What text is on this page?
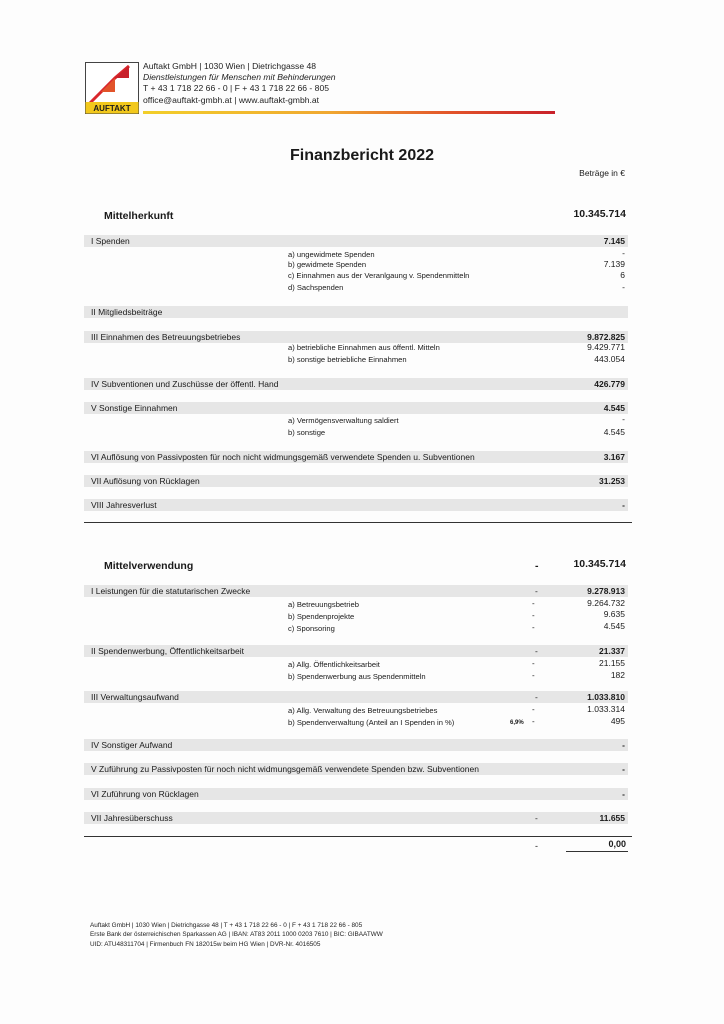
AUFTAKT
Auftakt GmbH | 1030 Wien | Dietrichgasse 48
Dienstleistungen für Menschen mit Behinderungen
T + 43 1 718 22 66 - 0 | F + 43 1 718 22 66 - 805
office@auftakt-gmbh.at | www.auftakt-gmbh.at
Finanzbericht 2022
Beträge in €
Mittelherkunft	10.345.714
I Spenden	7.145
a) ungewidmete Spenden	-
b) gewidmete Spenden	7.139
c) Einnahmen aus der Veranlgaung v. Spendenmitteln	6
d) Sachspenden	-
II Mitgliedsbeiträge
III Einnahmen des Betreuungsbetriebes	9.872.825
a) betriebliche Einnahmen aus öffentl. Mitteln	9.429.771
b) sonstige betriebliche Einnahmen	443.054
IV Subventionen und Zuschüsse der öffentl. Hand	426.779
V Sonstige Einnahmen	4.545
a) Vermögensverwaltung saldiert	-
b) sonstige	4.545
VI Auflösung von Passivposten für noch nicht widmungsgemäß verwendete Spenden u. Subventionen	3.167
VII Auflösung von Rücklagen	31.253
VIII Jahresverlust	-
Mittelverwendung	-	10.345.714
I Leistungen für die statutarischen Zwecke	-	9.278.913
a) Betreuungsbetrieb	-	9.264.732
b) Spendenprojekte	-	9.635
c) Sponsoring	-	4.545
II Spendenwerbung, Öffentlichkeitsarbeit	-	21.337
a) Allg. Öffentlichkeitsarbeit	-	21.155
b) Spendenwerbung aus Spendenmitteln	-	182
III Verwaltungsaufwand	-	1.033.810
a) Allg. Verwaltung des Betreuungsbetriebes	-	1.033.314
b) Spendenverwaltung (Anteil an I Spenden in %)	6,9% -	495
IV Sonstiger Aufwand	-
V Zuführung zu Passivposten für noch nicht widmungsgemäß verwendete Spenden bzw. Subventionen	-
VI Zuführung von Rücklagen	-
VII Jahresüberschuss	-	11.655
-	0,00
Auftakt GmbH | 1030 Wien | Dietrichgasse 48 | T + 43 1 718 22 66 - 0 | F + 43 1 718 22 66 - 805
Erste Bank der österreichischen Sparkassen AG | IBAN: AT83 2011 1000 0203 7610 | BIC: GIBAATWW
UID: ATU48311704 | Firmenbuch FN 182015w beim HG Wien | DVR-Nr. 4016505
